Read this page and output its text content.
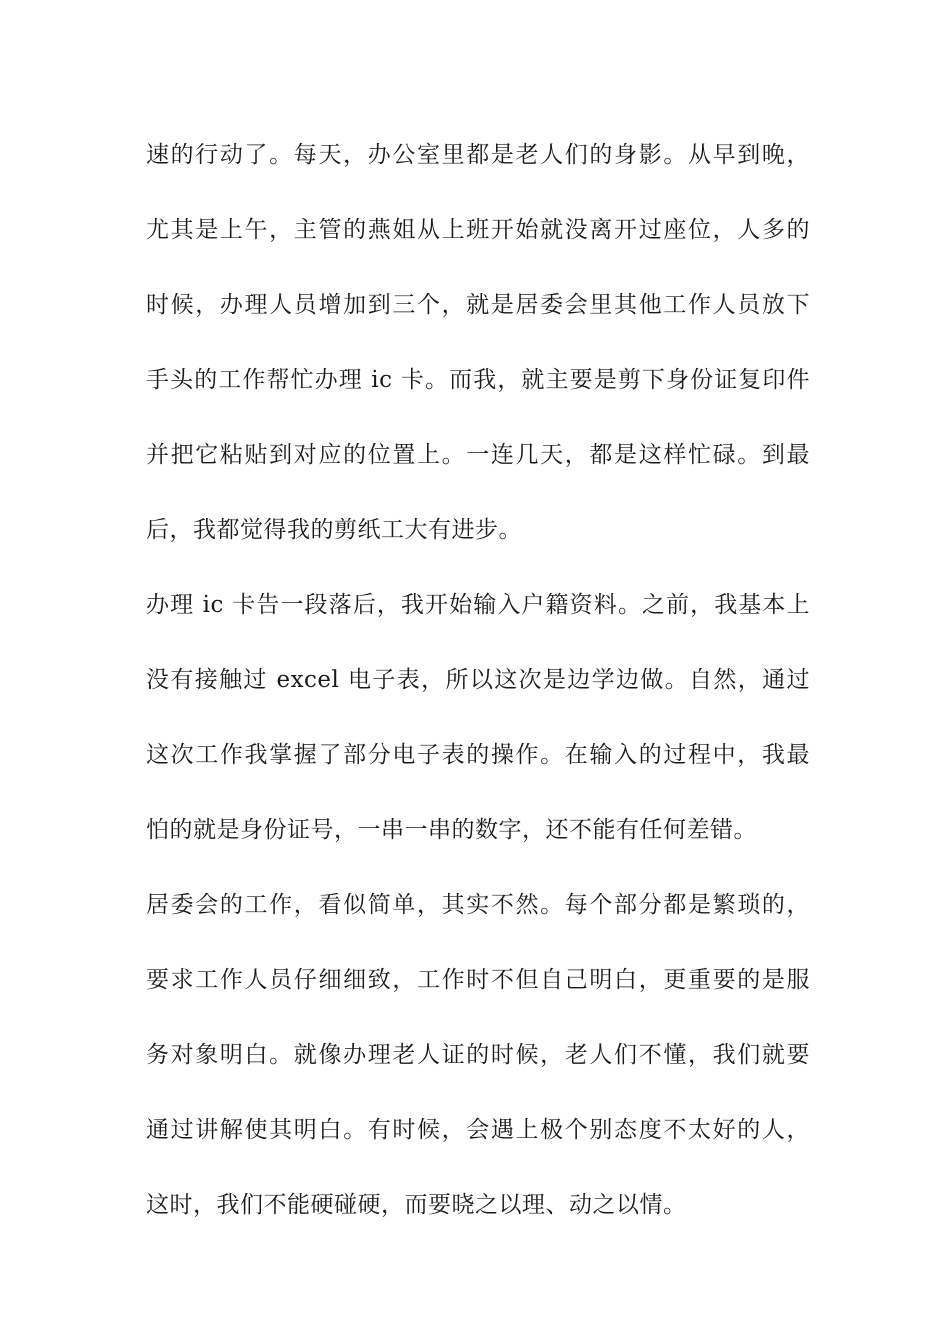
速的行动了。每天，办公室里都是老人们的身影。从早到晚，
尤其是上午，主管的燕姐从上班开始就没离开过座位，人多的
时候，办理人员增加到三个，就是居委会里其他工作人员放下
手头的工作帮忙办理 ic 卡。而我，就主要是剪下身份证复印件
并把它粘贴到对应的位置上。一连几天，都是这样忙碌。到最
后，我都觉得我的剪纸工大有进步。
办理 ic 卡告一段落后，我开始输入户籍资料。之前，我基本上
没有接触过 excel 电子表，所以这次是边学边做。自然，通过
这次工作我掌握了部分电子表的操作。在输入的过程中，我最
怕的就是身份证号，一串一串的数字，还不能有任何差错。
居委会的工作，看似简单，其实不然。每个部分都是繁琐的，
要求工作人员仔细细致，工作时不但自己明白，更重要的是服
务对象明白。就像办理老人证的时候，老人们不懂，我们就要
通过讲解使其明白。有时候，会遇上极个别态度不太好的人，
这时，我们不能硬碰硬，而要晓之以理、动之以情。
